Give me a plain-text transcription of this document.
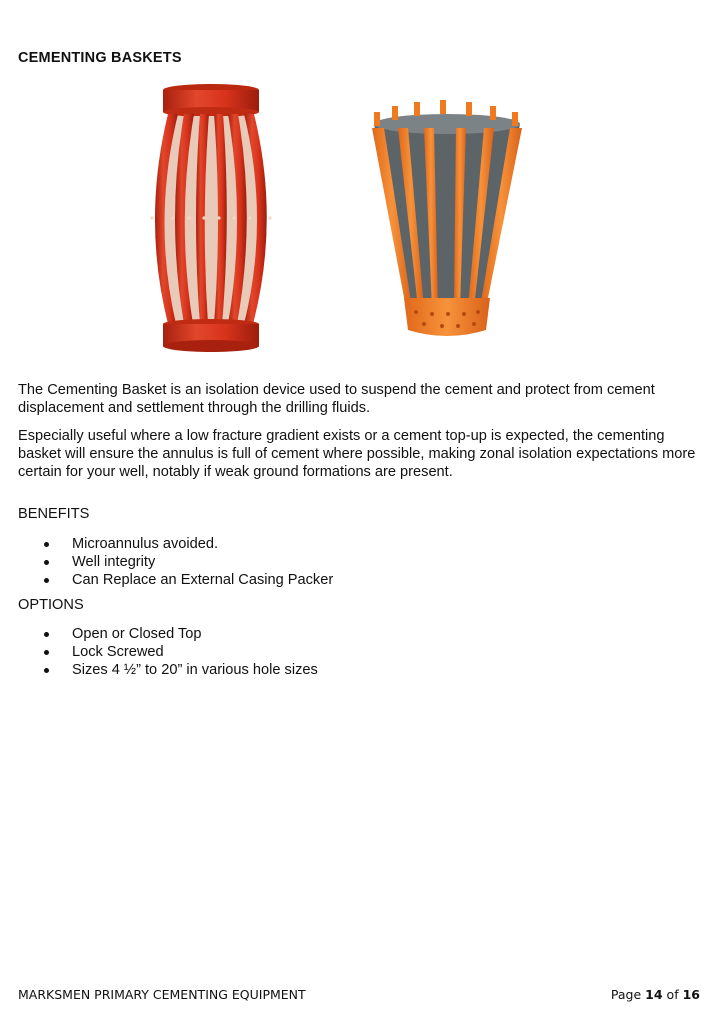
CEMENTING BASKETS

The Cementing Basket is an isolation device used to suspend the cement and protect from cement displacement and settlement through the drilling fluids.

Especially useful where a low fracture gradient exists or a cement top-up is expected, the cementing basket will ensure the annulus is full of cement where possible, making zonal isolation expectations more certain for your well, notably if weak ground formations are present.

BENEFITS
Microannulus avoided.
Well integrity
Can Replace an External Casing Packer
OPTIONS
Open or Closed Top
Lock Screwed
Sizes 4 ½” to 20” in various hole sizes
MARKSMEN PRIMARY CEMENTING EQUIPMENT	Page 14 of 16
